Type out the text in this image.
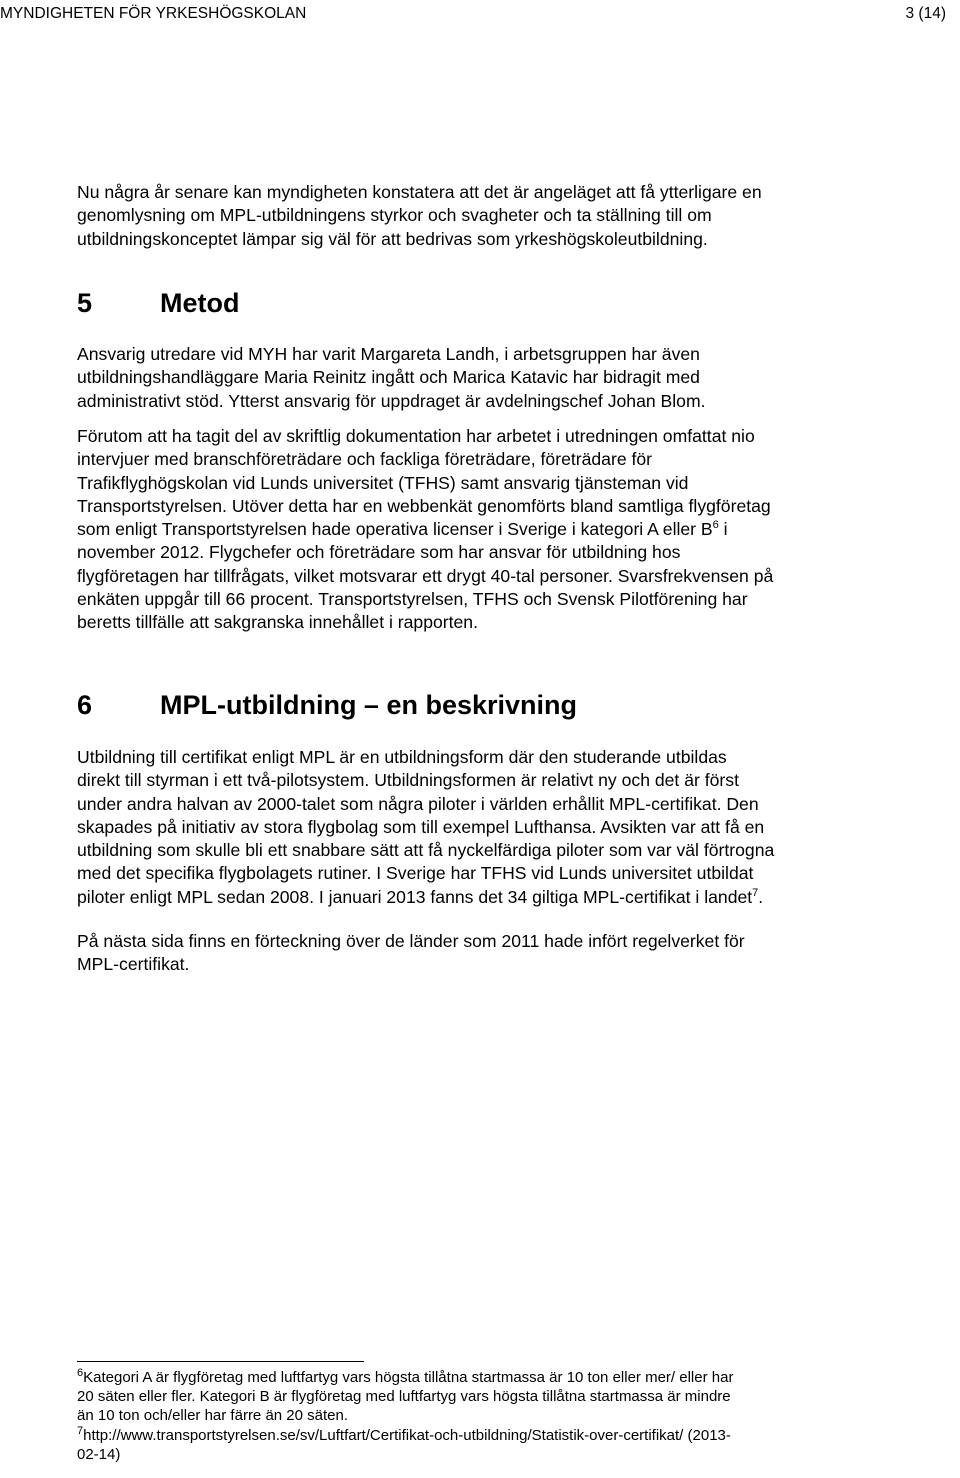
MYNDIGHETEN FÖR YRKESHÖGSKOLAN	3 (14)

Nu några år senare kan myndigheten konstatera att det är angeläget att få ytterligare en
genomlysning om MPL-utbildningens styrkor och svagheter och ta ställning till om
utbildningskonceptet lämpar sig väl för att bedrivas som yrkeshögskoleutbildning.

5	Metod

Ansvarig utredare vid MYH har varit Margareta Landh, i arbetsgruppen har även
utbildningshandläggare Maria Reinitz ingått och Marica Katavic har bidragit med
administrativt stöd. Ytterst ansvarig för uppdraget är avdelningschef Johan Blom.

Förutom att ha tagit del av skriftlig dokumentation har arbetet i utredningen omfattat nio
intervjuer med branschföreträdare och fackliga företrädare, företrädare för
Trafikflyghögskolan vid Lunds universitet (TFHS) samt ansvarig tjänsteman vid
Transportstyrelsen. Utöver detta har en webbenkät genomförts bland samtliga flygföretag
som enligt Transportstyrelsen hade operativa licenser i Sverige i kategori A eller $B^6$ i
november 2012. Flygchefer och företrädare som har ansvar för utbildning hos
flygföretagen har tillfrågats, vilket motsvarar ett drygt 40-tal personer. Svarsfrekvensen på
enkäten uppgår till 66 procent. Transportstyrelsen, TFHS och Svensk Pilotförening har
beretts tillfälle att sakgranska innehållet i rapporten.

6	MPL-utbildning – en beskrivning

Utbildning till certifikat enligt MPL är en utbildningsform där den studerande utbildas
direkt till styrman i ett två-pilotsystem. Utbildningsformen är relativt ny och det är först
under andra halvan av 2000-talet som några piloter i världen erhållit MPL-certifikat. Den
skapades på initiativ av stora flygbolag som till exempel Lufthansa. Avsikten var att få en
utbildning som skulle bli ett snabbare sätt att få nyckelfärdiga piloter som var väl förtrogna
med det specifika flygbolagets rutiner. I Sverige har TFHS vid Lunds universitet utbildat
piloter enligt MPL sedan 2008. I januari 2013 fanns det 34 giltiga MPL-certifikat i landet$^7$.

På nästa sida finns en förteckning över de länder som 2011 hade infört regelverket för
MPL-certifikat.

$^6$Kategori A är flygföretag med luftfartyg vars högsta tillåtna startmassa är 10 ton eller mer/ eller har
20 säten eller fler. Kategori B är flygföretag med luftfartyg vars högsta tillåtna startmassa är mindre
än 10 ton och/eller har färre än 20 säten.
$^7$http://www.transportstyrelsen.se/sv/Luftfart/Certifikat-och-utbildning/Statistik-over-certifikat/ (2013-
02-14)
